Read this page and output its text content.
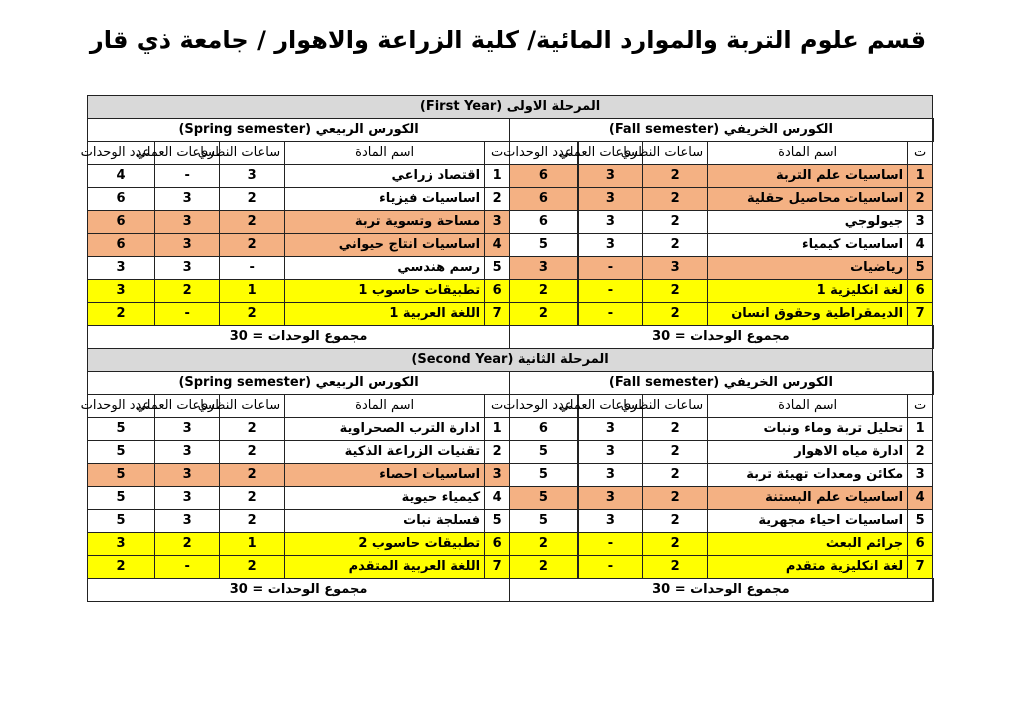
قسم علوم التربة والموارد المائية/ كلية الزراعة والاهوار / جامعة ذي قار
المرحلة الاولى (First Year)									
الكورس الخريفي (Fall semester)					الكورس الربيعي (Spring semester)				
ت	اسم المادة	ساعات النظري	ساعات العملي	عدد الوحدات	ت	اسم المادة	ساعات النظري	ساعات العملي	عدد الوحدات
1	اساسيات علم التربة	2	3	6	1	اقتصاد زراعي	3	-	4
2	اساسيات محاصيل حقلية	2	3	6	2	اساسيات فيزياء	2	3	6
3	جيولوجي	2	3	6	3	مساحة وتسوية تربة	2	3	6
4	اساسيات كيمياء	2	3	5	4	اساسيات انتاج حيواني	2	3	6
5	رياضيات	3	-	3	5	رسم هندسي	-	3	3
6	لغة انكليزية 1	2	-	2	6	تطبيقات حاسوب 1	1	2	3
7	الديمقراطية وحقوق انسان	2	-	2	7	اللغة العربية 1	2	-	2
مجموع الوحدات = 30					مجموع الوحدات = 30				
المرحلة الثانية (Second Year)									
الكورس الخريفي (Fall semester)					الكورس الربيعي (Spring semester)				
ت	اسم المادة	ساعات النظري	ساعات العملي	عدد الوحدات	ت	اسم المادة	ساعات النظري	ساعات العملي	عدد الوحدات
1	تحليل تربة وماء ونبات	2	3	6	1	ادارة الترب الصحراوية	2	3	5
2	ادارة مياه الاهوار	2	3	5	2	تقنيات الزراعة الذكية	2	3	5
3	مكائن ومعدات تهيئة تربة	2	3	5	3	اساسيات احصاء	2	3	5
4	اساسيات علم البستنة	2	3	5	4	كيمياء حيوية	2	3	5
5	اساسيات احياء مجهرية	2	3	5	5	فسلجة نبات	2	3	5
6	جرائم البعث	2	-	2	6	تطبيقات حاسوب 2	1	2	3
7	لغة انكليزية متقدم	2	-	2	7	اللغة العربية المتقدم	2	-	2
مجموع الوحدات = 30					مجموع الوحدات = 30				
